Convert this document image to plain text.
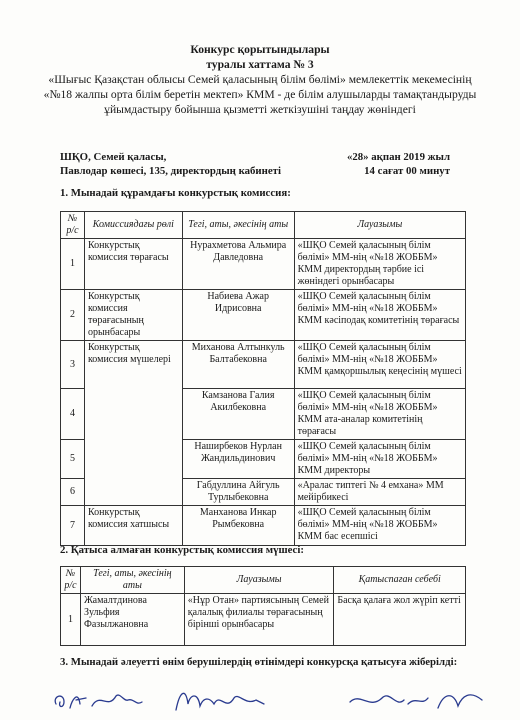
Конкурс қорытындылары
туралы хаттама № 3
«Шығыс Қазақстан облысы Семей қаласының білім бөлімі» мемлекеттік мекемесінің «№18 жалпы орта білім беретін мектеп» КММ - де білім алушыларды тамақтандыруды ұйымдастыру бойынша қызметті жеткізушіні таңдау жөніндегі
ШҚО, Семей қаласы,	«28» ақпан 2019 жыл
Павлодар көшесі, 135, директордың кабинеті	14 сағат 00 минут
1. Мынадай құрамдағы конкурстық комиссия:
№ р/с	Комиссиядағы рөлі	Тегі, аты, әкесінің аты	Лауазымы
1	Конкурстық комиссия төрағасы	Нурахметова Альмира Давледовна	«ШҚО Семей қаласының білім бөлімі» ММ-нің «№18 ЖОББМ» КММ директордың тәрбие ісі жөніндегі орынбасары
2	Конкурстық комиссия төрағасының орынбасары	Набиева Ажар Идрисовна	«ШҚО Семей қаласының білім бөлімі» ММ-нің «№18 ЖОББМ» КММ кәсіподақ комитетінің төрағасы
3	Конкурстық комиссия мүшелері	Миханова Алтынкуль Балтабековна	«ШҚО Семей қаласының білім бөлімі» ММ-нің «№18 ЖОББМ» КММ қамқоршылық кеңесінің мүшесі
4		Камзанова Галия Акилбековна	«ШҚО Семей қаласының білім бөлімі» ММ-нің «№18 ЖОББМ» КММ ата-аналар комитетінің төрағасы
5		Наширбеков Нурлан Жандильдинович	«ШҚО Семей қаласының білім бөлімі» ММ-нің «№18 ЖОББМ» КММ директоры
6		Габдуллина Айгуль Турлыбековна	«Аралас типтегі № 4 емхана» ММ мейірбикесі
7	Конкурстық комиссия хатшысы	Манханова Инкар Рымбековна	«ШҚО Семей қаласының білім бөлімі» ММ-нің «№18 ЖОББМ» КММ бас есепшісі
2. Қатыса алмаған конкурстық комиссия мүшесі:
№ р/с	Тегі, аты, әкесінің аты	Лауазымы	Қатыспаған себебі
1	Жамалтдинова Зульфия Фазылжановна	«Нұр Отан» партиясының Семей қалалық филиалы төрағасының бірінші орынбасары	Басқа қалаға жол жүріп кетті
3. Мынадай әлеуетті өнім берушілердің өтінімдері конкурсқа қатысуға жіберілді:
